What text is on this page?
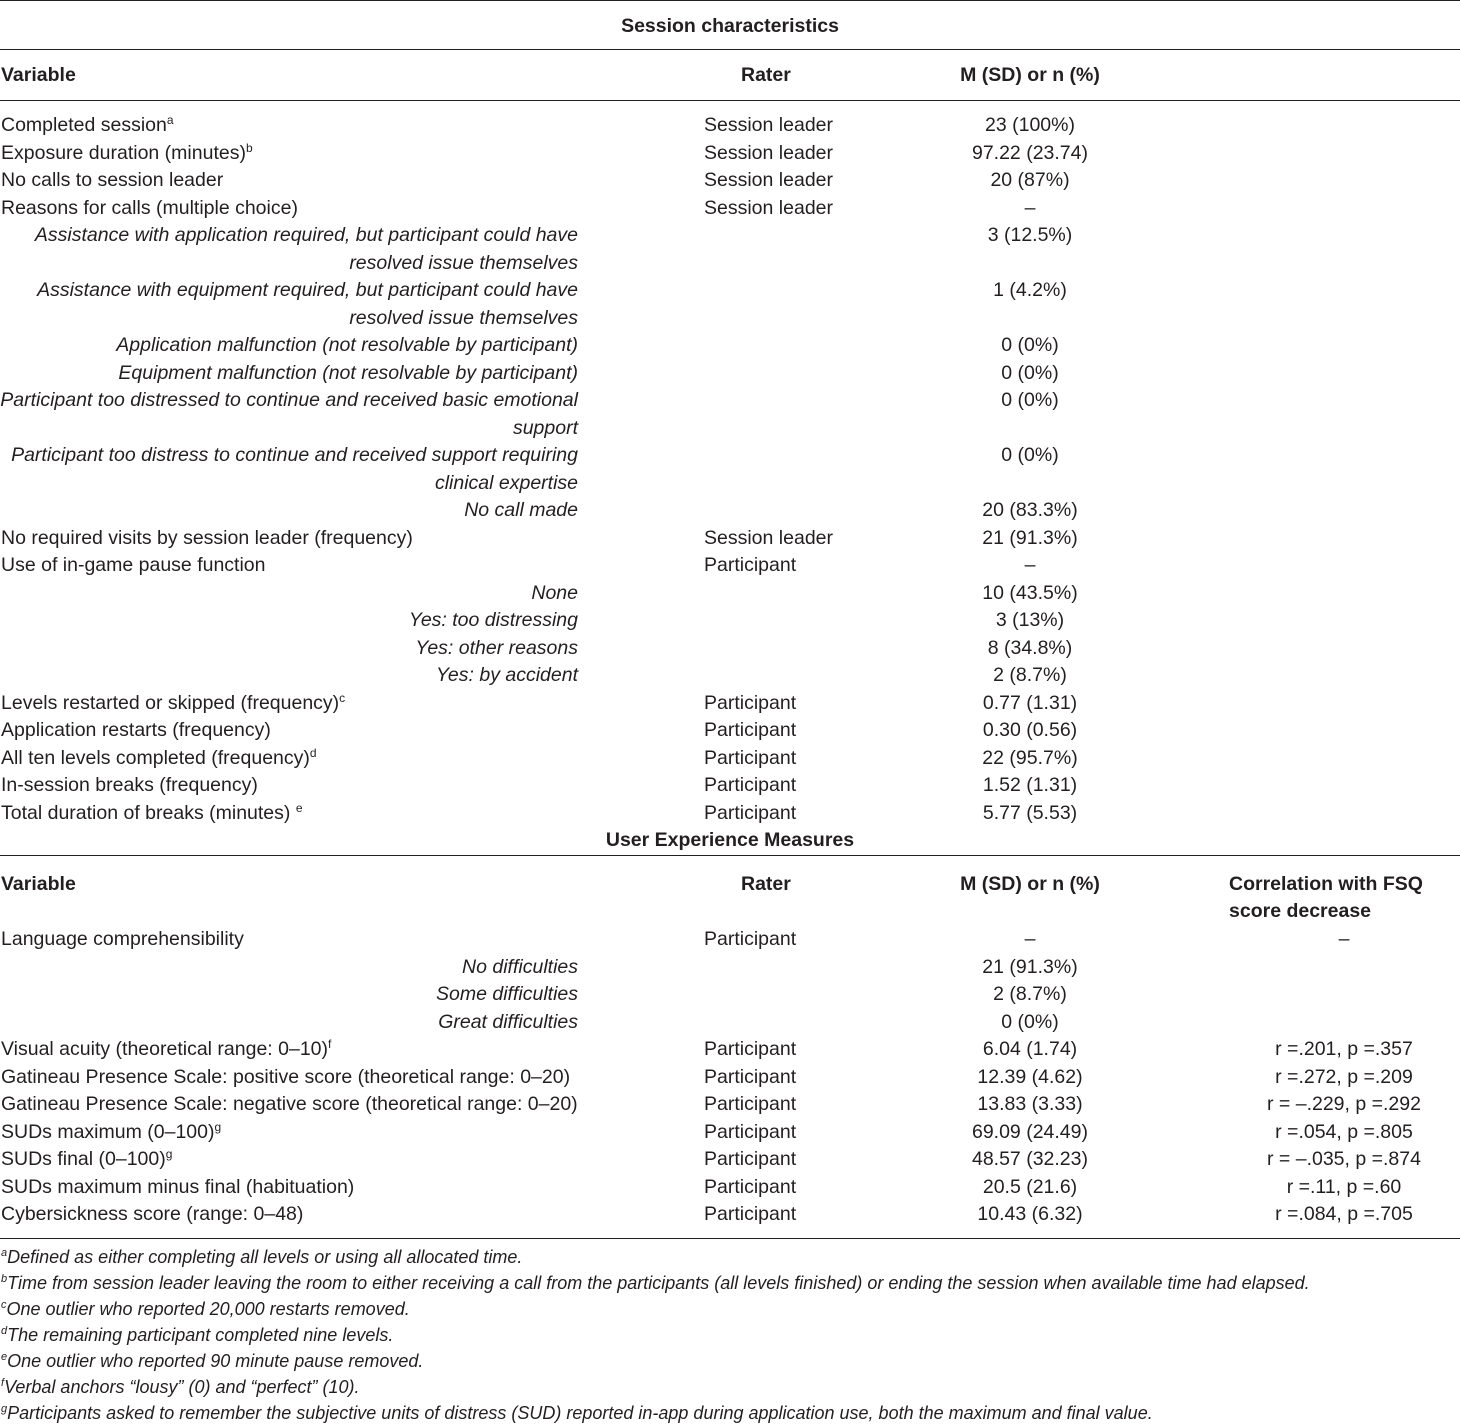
Session characteristics
Variable	Rater	M (SD) or n (%)
Completed session$^a$	Session leader	23 (100%)
Exposure duration (minutes)$^b$	Session leader	97.22 (23.74)
No calls to session leader	Session leader	20 (87%)
Reasons for calls (multiple choice)	Session leader	–
Assistance with application required, but participant could have resolved issue themselves
3 (12.5%)
Assistance with equipment required, but participant could have resolved issue themselves
1 (4.2%)
Application malfunction (not resolvable by participant)	0 (0%)
Equipment malfunction (not resolvable by participant)	0 (0%)
Participant too distressed to continue and received basic emotional support
0 (0%)
Participant too distress to continue and received support requiring clinical expertise
0 (0%)
No call made	20 (83.3%)
No required visits by session leader (frequency)	Session leader	21 (91.3%)
Use of in-game pause function	Participant	–
None	10 (43.5%)
Yes: too distressing	3 (13%)
Yes: other reasons	8 (34.8%)
Yes: by accident	2 (8.7%)
Levels restarted or skipped (frequency)$^c$	Participant	0.77 (1.31)
Application restarts (frequency)	Participant	0.30 (0.56)
All ten levels completed (frequency)$^d$	Participant	22 (95.7%)
In-session breaks (frequency)	Participant	1.52 (1.31)
Total duration of breaks (minutes) $^e$	Participant	5.77 (5.53)
User Experience Measures
Variable	Rater	M (SD) or n (%)	Correlation with FSQ
score decrease
Language comprehensibility	Participant	–	–
No difficulties	21 (91.3%)
Some difficulties	2 (8.7%)
Great difficulties	0 (0%)
Visual acuity (theoretical range: 0–10)$^f$	Participant	6.04 (1.74)	r =.201, p =.357
Gatineau Presence Scale: positive score (theoretical range: 0–20)	Participant	12.39 (4.62)	r =.272, p =.209
Gatineau Presence Scale: negative score (theoretical range: 0–20)	Participant	13.83 (3.33)	r = –.229, p =.292
SUDs maximum $(0-100)^g$	Participant	69.09 (24.49)	r =.054, p =.805
SUDs final $(0-100)^g$	Participant	48.57 (32.23)	r = –.035, p =.874
SUDs maximum minus final (habituation)	Participant	20.5 (21.6)	r =.11, p =.60
Cybersickness score (range: 0–48)	Participant	10.43 (6.32)	r =.084, p =.705
$^a$Defined as either completing all levels or using all allocated time.
$^b$Time from session leader leaving the room to either receiving a call from the participants (all levels finished) or ending the session when available time had elapsed.
$^c$One outlier who reported 20,000 restarts removed.
$^d$The remaining participant completed nine levels.
$^e$One outlier who reported 90 minute pause removed.
$^f$Verbal anchors “lousy” (0) and “perfect” (10).
$^g$Participants asked to remember the subjective units of distress (SUD) reported in-app during application use, both the maximum and final value.
